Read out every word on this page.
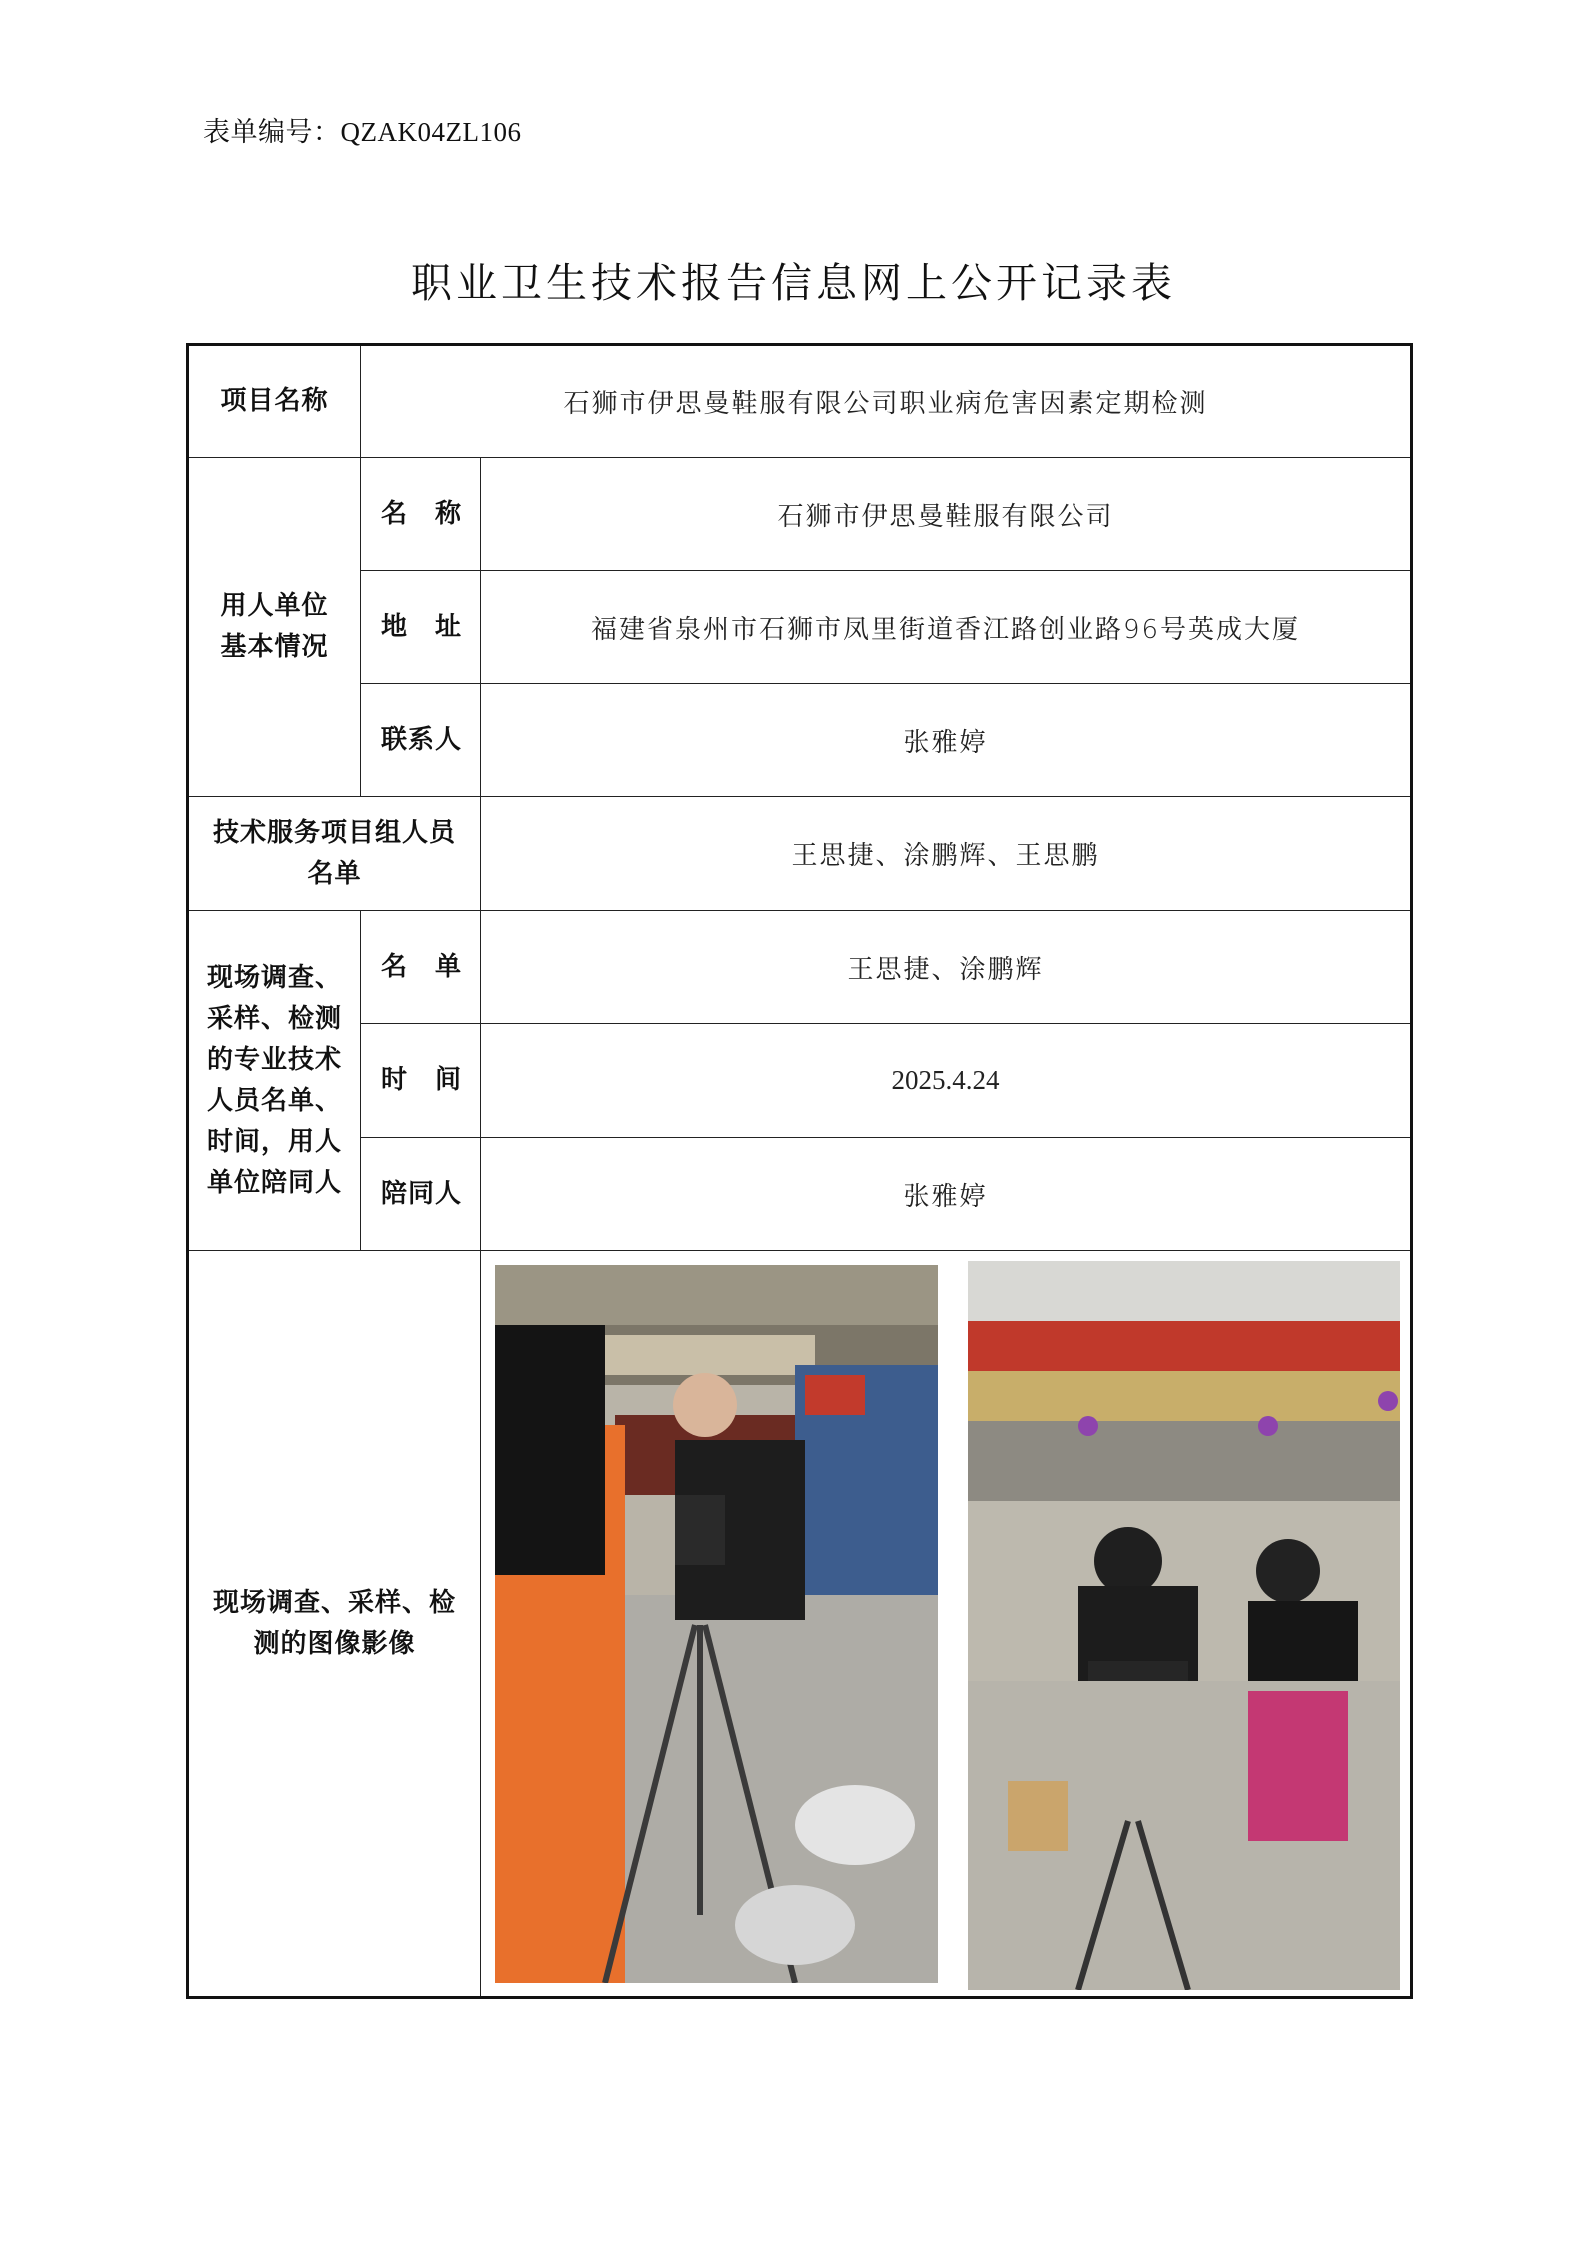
表单编号：QZAK04ZL106
职业卫生技术报告信息网上公开记录表
项目名称	石狮市伊思曼鞋服有限公司职业病危害因素定期检测	
用人单位
基本情况	名　称	石狮市伊思曼鞋服有限公司
	地　址	福建省泉州市石狮市凤里街道香江路创业路96号英成大厦
	联系人	张雅婷
技术服务项目组人员名单		王思捷、涂鹏辉、王思鹏
现场调查、采样、检测的专业技术人员名单、时间，用人单位陪同人	名　单	王思捷、涂鹏辉
	时　间	2025.4.24
	陪同人	张雅婷
现场调查、采样、检测的图像影像	
